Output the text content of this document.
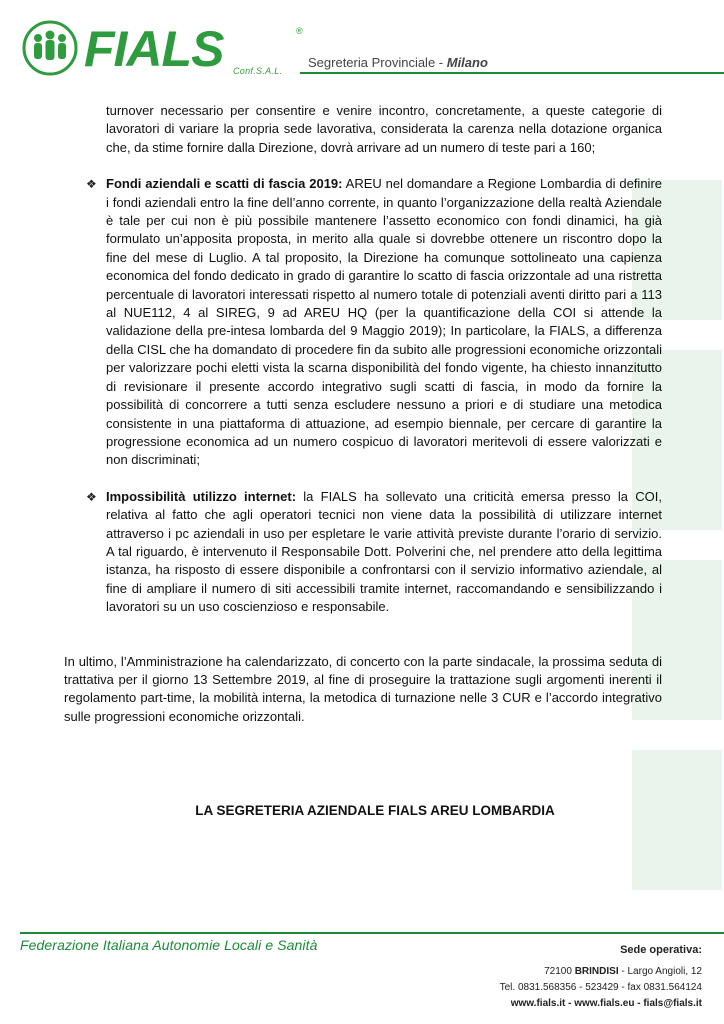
FIALS	®
Conf.S.A.L.
Segreteria Provinciale - Milano
turnover necessario per consentire e venire incontro, concretamente, a queste categorie di lavoratori di variare la propria sede lavorativa, considerata la carenza nella dotazione organica che, da stime fornire dalla Direzione, dovrà arrivare ad un numero di teste pari a 160;
❖ Fondi aziendali e scatti di fascia 2019: AREU nel domandare a Regione Lombardia di definire i fondi aziendali entro la fine dell’anno corrente, in quanto l’organizzazione della realtà Aziendale è tale per cui non è più possibile mantenere l’assetto economico con fondi dinamici, ha già formulato un’apposita proposta, in merito alla quale si dovrebbe ottenere un riscontro dopo la fine del mese di Luglio. A tal proposito, la Direzione ha comunque sottolineato una capienza economica del fondo dedicato in grado di garantire lo scatto di fascia orizzontale ad una ristretta percentuale di lavoratori interessati rispetto al numero totale di potenziali aventi diritto pari a 113 al NUE112, 4 al SIREG, 9 ad AREU HQ (per la quantificazione della COI si attende la validazione della pre-intesa lombarda del 9 Maggio 2019); In particolare, la FIALS, a differenza della CISL che ha domandato di procedere fin da subito alle progressioni economiche orizzontali per valorizzare pochi eletti vista la scarna disponibilità del fondo vigente, ha chiesto innanzitutto di revisionare il presente accordo integrativo sugli scatti di fascia, in modo da fornire la possibilità di concorrere a tutti senza escludere nessuno a priori e di studiare una metodica consistente in una piattaforma di attuazione, ad esempio biennale, per cercare di garantire la progressione economica ad un numero cospicuo di lavoratori meritevoli di essere valorizzati e non discriminati;
❖ Impossibilità utilizzo internet: la FIALS ha sollevato una criticità emersa presso la COI, relativa al fatto che agli operatori tecnici non viene data la possibilità di utilizzare internet attraverso i pc aziendali in uso per espletare le varie attività previste durante l’orario di servizio. A tal riguardo, è intervenuto il Responsabile Dott. Polverini che, nel prendere atto della legittima istanza, ha risposto di essere disponibile a confrontarsi con il servizio informativo aziendale, al fine di ampliare il numero di siti accessibili tramite internet, raccomandando e sensibilizzando i lavoratori su un uso coscienzioso e responsabile.
In ultimo, l’Amministrazione ha calendarizzato, di concerto con la parte sindacale, la prossima seduta di trattativa per il giorno 13 Settembre 2019, al fine di proseguire la trattazione sugli argomenti inerenti il regolamento part-time, la mobilità interna, la metodica di turnazione nelle 3 CUR e l’accordo integrativo sulle progressioni economiche orizzontali.
LA SEGRETERIA AZIENDALE FIALS AREU LOMBARDIA
Federazione Italiana Autonomie Locali e Sanità	Sede operativa:
72100 BRINDISI - Largo Angioli, 12
Tel. 0831.568356 - 523429 - fax 0831.564124
www.fials.it - www.fials.eu - fials@fials.it
